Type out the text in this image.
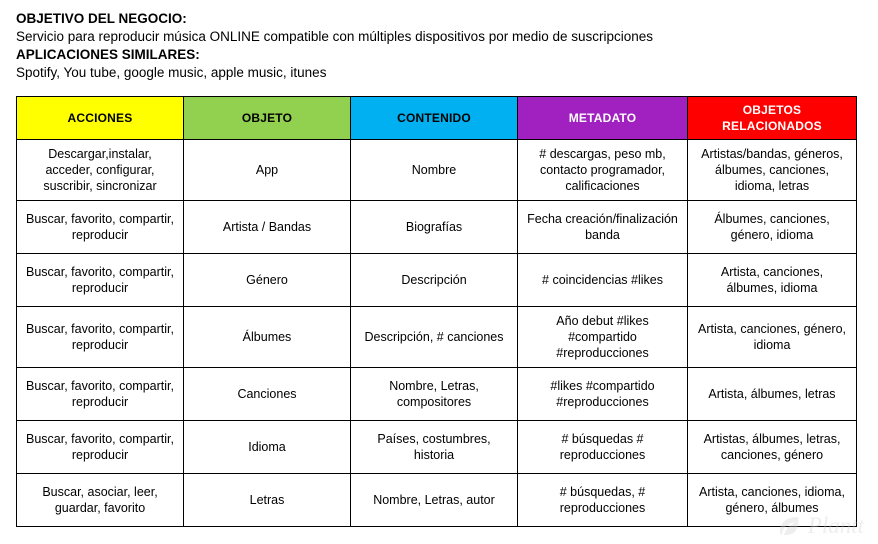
OBJETIVO DEL NEGOCIO:
Servicio para reproducir música ONLINE compatible con múltiples dispositivos por medio de suscripciones
APLICACIONES SIMILARES:
Spotify, You tube, google music, apple music, itunes
ACCIONES	OBJETO	CONTENIDO	METADATO	OBJETOS RELACIONADOS
Descargar,instalar, acceder, configurar, suscribir, sincronizar	App	Nombre	# descargas, peso mb, contacto programador, calificaciones	Artistas/bandas, géneros, álbumes, canciones, idioma, letras
Buscar, favorito, compartir, reproducir	Artista / Bandas	Biografías	Fecha creación/finalización banda	Álbumes, canciones, género, idioma
Buscar, favorito, compartir, reproducir	Género	Descripción	# coincidencias #likes	Artista, canciones, álbumes, idioma
Buscar, favorito, compartir, reproducir	Álbumes	Descripción, # canciones	Año debut #likes #compartido #reproducciones	Artista, canciones, género, idioma
Buscar, favorito, compartir, reproducir	Canciones	Nombre, Letras, compositores	#likes #compartido #reproducciones	Artista, álbumes, letras
Buscar, favorito, compartir, reproducir	Idioma	Países, costumbres, historia	# búsquedas # reproducciones	Artistas, álbumes, letras, canciones, género
Buscar, asociar, leer, guardar, favorito	Letras	Nombre, Letras, autor	# búsquedas, # reproducciones	Artista, canciones, idioma, género, álbumes
Plantt
